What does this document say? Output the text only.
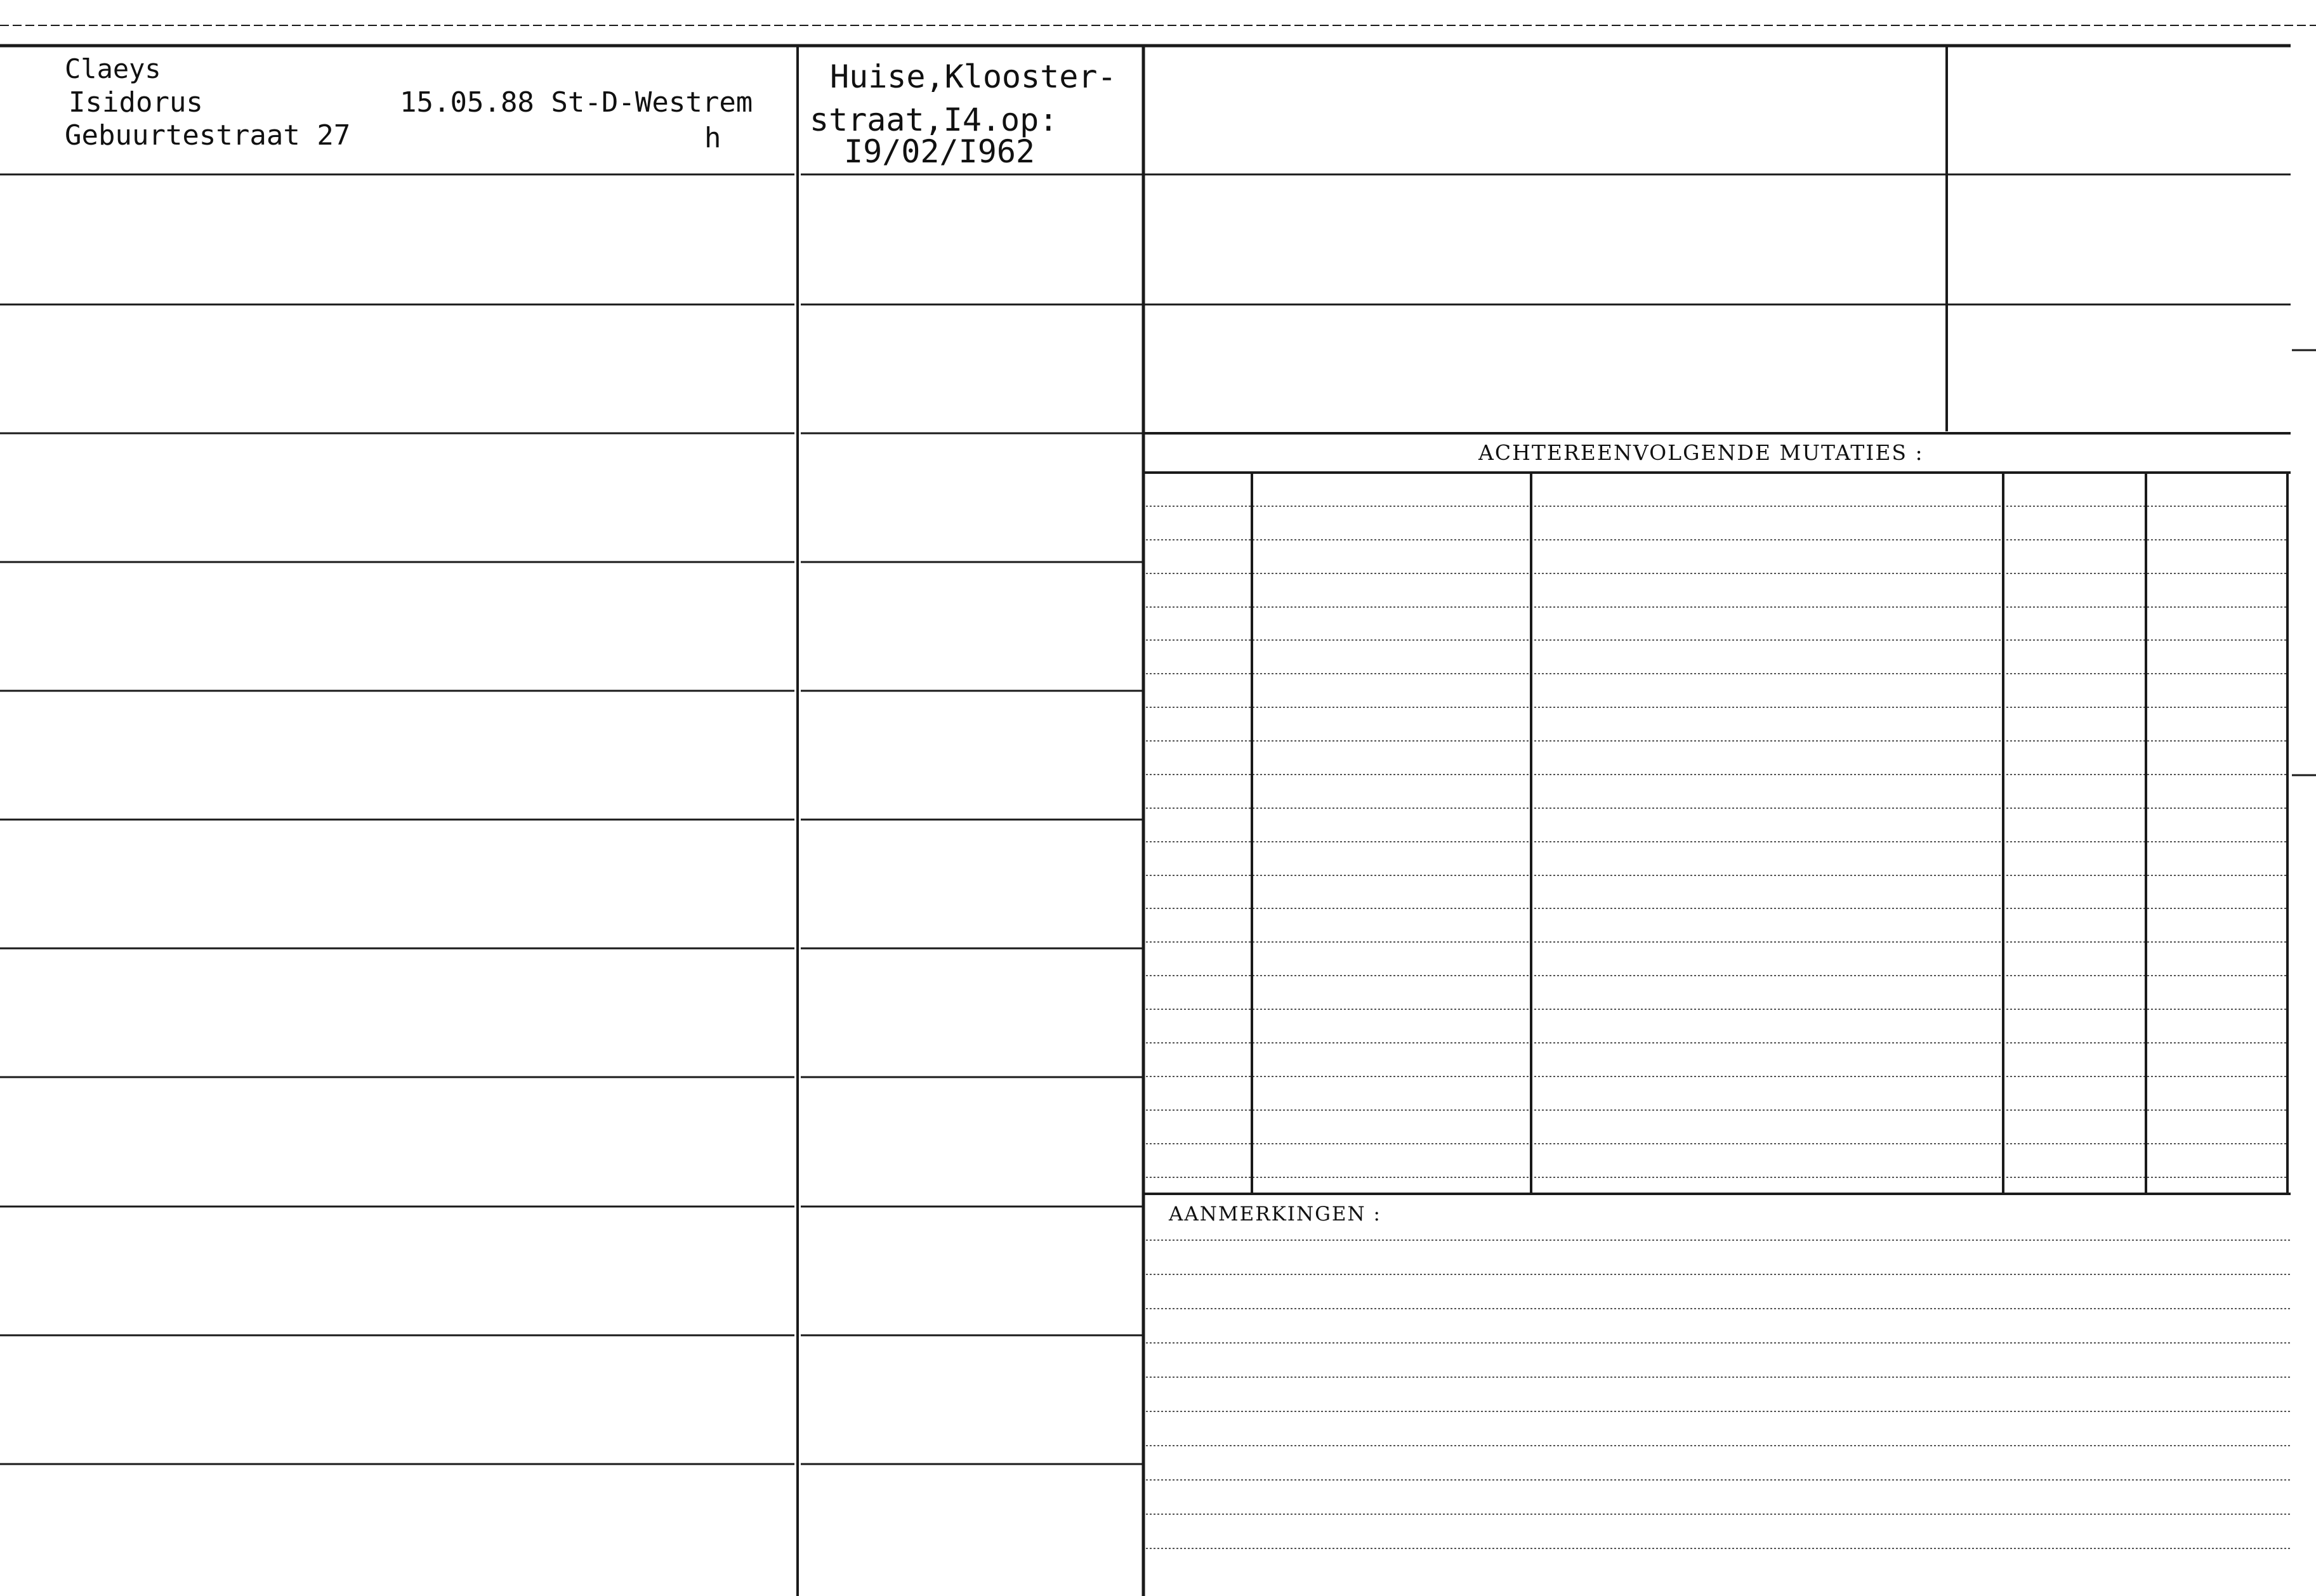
Claeys
Isidorus
Gebuurtestraat 27
15.05.88 St-D-Westrem
h
Huise,Klooster-
straat,I4.op:
I9/02/I962
ACHTEREENVOLGENDE MUTATIES :
AANMERKINGEN :
